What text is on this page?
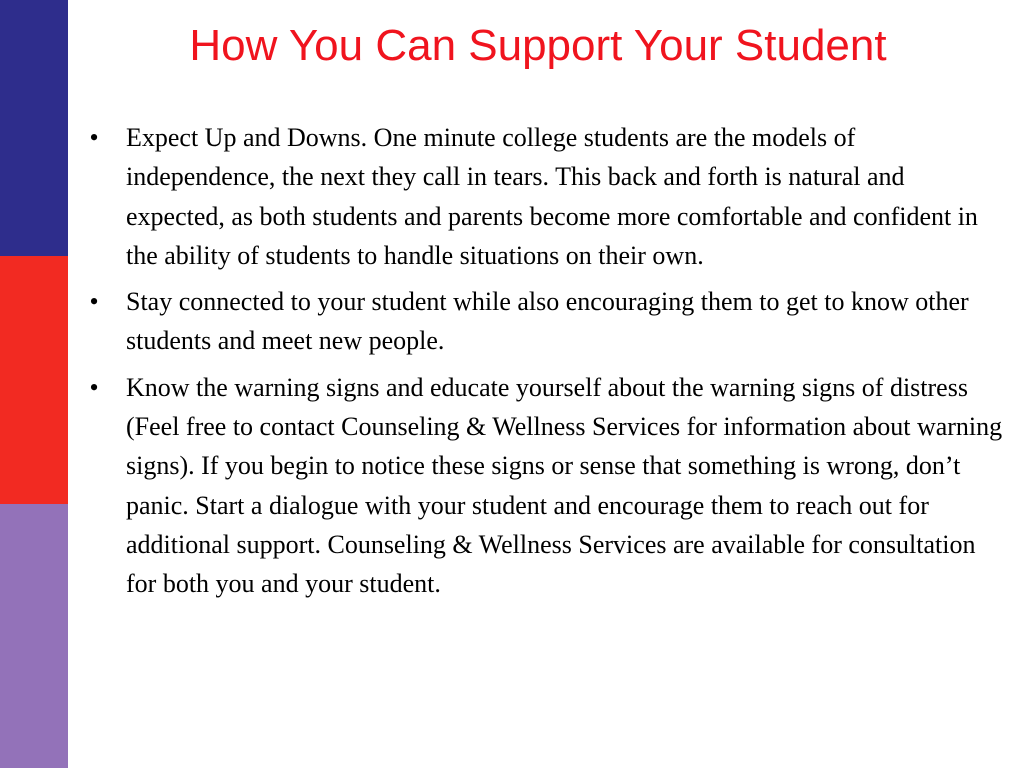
How You Can Support Your Student
• Expect Up and Downs. One minute college students are the models of independence, the next they call in tears. This back and forth is natural and expected, as both students and parents become more comfortable and confident in the ability of students to handle situations on their own.
• Stay connected to your student while also encouraging them to get to know other students and meet new people.
• Know the warning signs and educate yourself about the warning signs of distress (Feel free to contact Counseling & Wellness Services for information about warning signs). If you begin to notice these signs or sense that something is wrong, don’t panic. Start a dialogue with your student and encourage them to reach out for additional support. Counseling & Wellness Services are available for consultation for both you and your student.
